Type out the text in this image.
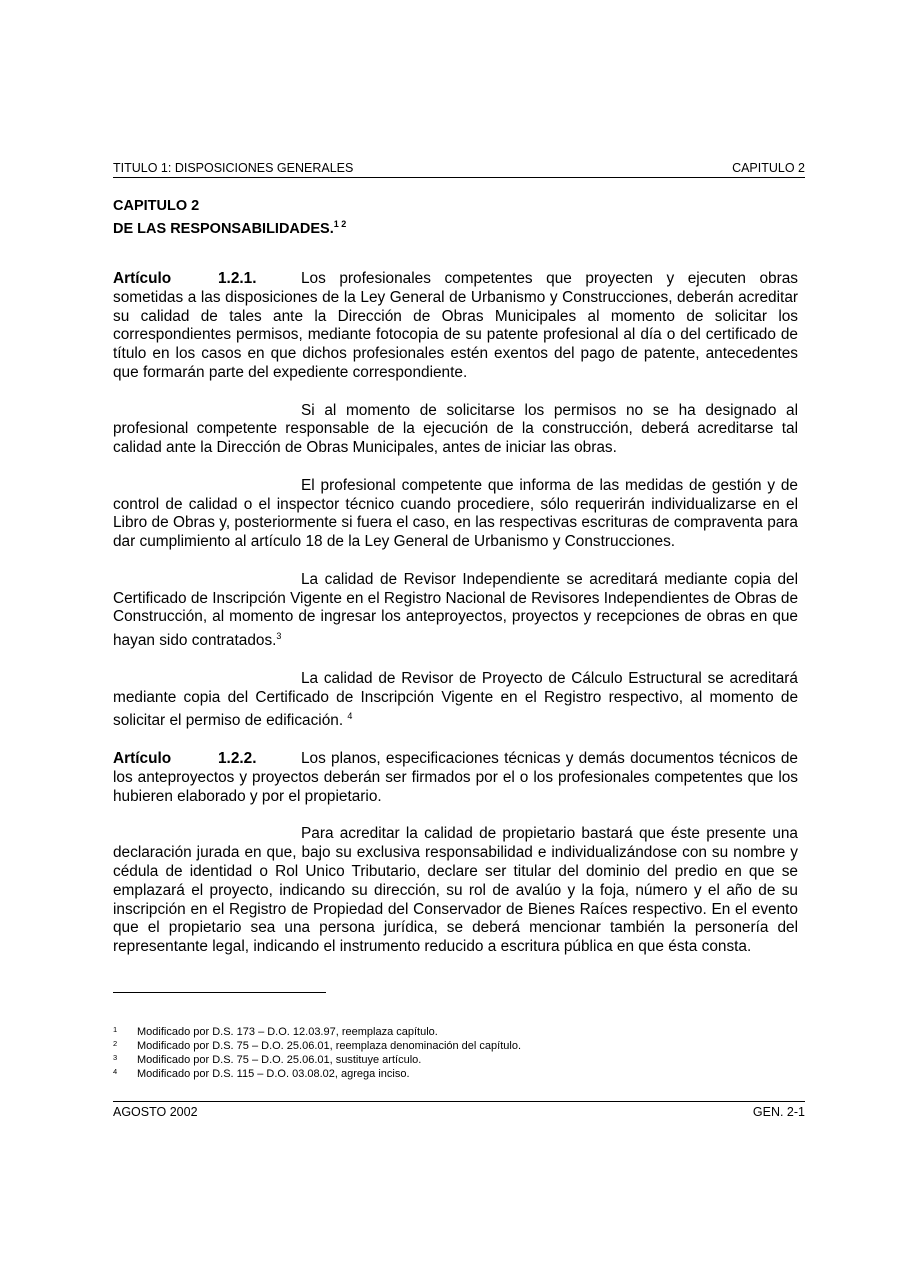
TITULO 1: DISPOSICIONES GENERALES	CAPITULO 2
CAPITULO 2
DE LAS RESPONSABILIDADES.$^{1 2}$

Artículo	1.2.1.	Los profesionales competentes que proyecten y ejecuten obras sometidas a las disposiciones de la Ley General de Urbanismo y Construcciones, deberán acreditar su calidad de tales ante la Dirección de Obras Municipales al momento de solicitar los correspondientes permisos, mediante fotocopia de su patente profesional al día o del certificado de título en los casos en que dichos profesionales estén exentos del pago de patente, antecedentes que formarán parte del expediente correspondiente.

Si al momento de solicitarse los permisos no se ha designado al profesional competente responsable de la ejecución de la construcción, deberá acreditarse tal calidad ante la Dirección de Obras Municipales, antes de iniciar las obras.

El profesional competente que informa de las medidas de gestión y de control de calidad o el inspector técnico cuando procediere, sólo requerirán individualizarse en el Libro de Obras y, posteriormente si fuera el caso, en las respectivas escrituras de compraventa para dar cumplimiento al artículo 18 de la Ley General de Urbanismo y Construcciones.

La calidad de Revisor Independiente se acreditará mediante copia del Certificado de Inscripción Vigente en el Registro Nacional de Revisores Independientes de Obras de Construcción, al momento de ingresar los anteproyectos, proyectos y recepciones de obras en que hayan sido contratados.$^3$

La calidad de Revisor de Proyecto de Cálculo Estructural se acreditará mediante copia del Certificado de Inscripción Vigente en el Registro respectivo, al momento de solicitar el permiso de edificación. $^4$

Artículo	1.2.2.	Los planos, especificaciones técnicas y demás documentos técnicos de los anteproyectos y proyectos deberán ser firmados por el o los profesionales competentes que los hubieren elaborado y por el propietario.

Para acreditar la calidad de propietario bastará que éste presente una declaración jurada en que, bajo su exclusiva responsabilidad e individualizándose con su nombre y cédula de identidad o Rol Unico Tributario, declare ser titular del dominio del predio en que se emplazará el proyecto, indicando su dirección, su rol de avalúo y la foja, número y el año de su inscripción en el Registro de Propiedad del Conservador de Bienes Raíces respectivo. En el evento que el propietario sea una persona jurídica, se deberá mencionar también la personería del representante legal, indicando el instrumento reducido a escritura pública en que ésta consta.

1	Modificado por D.S. 173 – D.O. 12.03.97, reemplaza capítulo.
2	Modificado por D.S. 75 – D.O. 25.06.01, reemplaza denominación del capítulo.
3	Modificado por D.S. 75 – D.O. 25.06.01, sustituye artículo.
4	Modificado por D.S. 115 – D.O. 03.08.02, agrega inciso.
AGOSTO 2002	GEN. 2-1
